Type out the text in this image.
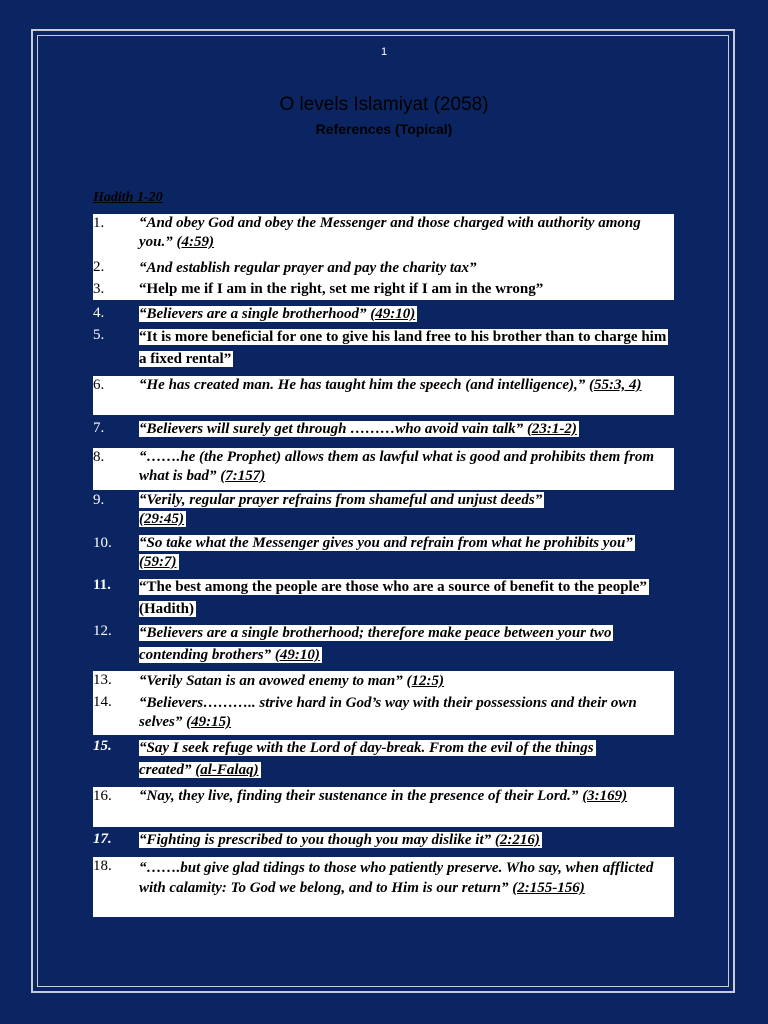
1
O levels Islamiyat (2058)
References (Topical)
Hadith 1-20
1. “And obey God and obey the Messenger and those charged with authority among you.” (4:59)
2. “And establish regular prayer and pay the charity tax”
3. “Help me if I am in the right, set me right if I am in the wrong”
4. “Believers are a single brotherhood” (49:10)
5. “It is more beneficial for one to give his land free to his brother than to charge him a fixed rental”
6. “He has created man. He has taught him the speech (and intelligence),” (55:3, 4)
7. “Believers will surely get through ………who avoid vain talk” (23:1-2)
8. “…….he (the Prophet) allows them as lawful what is good and prohibits them from what is bad” (7:157)
9. “Verily, regular prayer refrains from shameful and unjust deeds” (29:45)
10. “So take what the Messenger gives you and refrain from what he prohibits you” (59:7)
11. “The best among the people are those who are a source of benefit to the people” (Hadith)
12. “Believers are a single brotherhood; therefore make peace between your two contending brothers” (49:10)
13. “Verily Satan is an avowed enemy to man” (12:5)
14. “Believers……….. strive hard in God’s way with their possessions and their own selves” (49:15)
15. “Say I seek refuge with the Lord of day-break. From the evil of the things created” (al-Falaq)
16. “Nay, they live, finding their sustenance in the presence of their Lord.” (3:169)
17. “Fighting is prescribed to you though you may dislike it” (2:216)
18. “…….but give glad tidings to those who patiently preserve. Who say, when afflicted with calamity: To God we belong, and to Him is our return” (2:155-156)
